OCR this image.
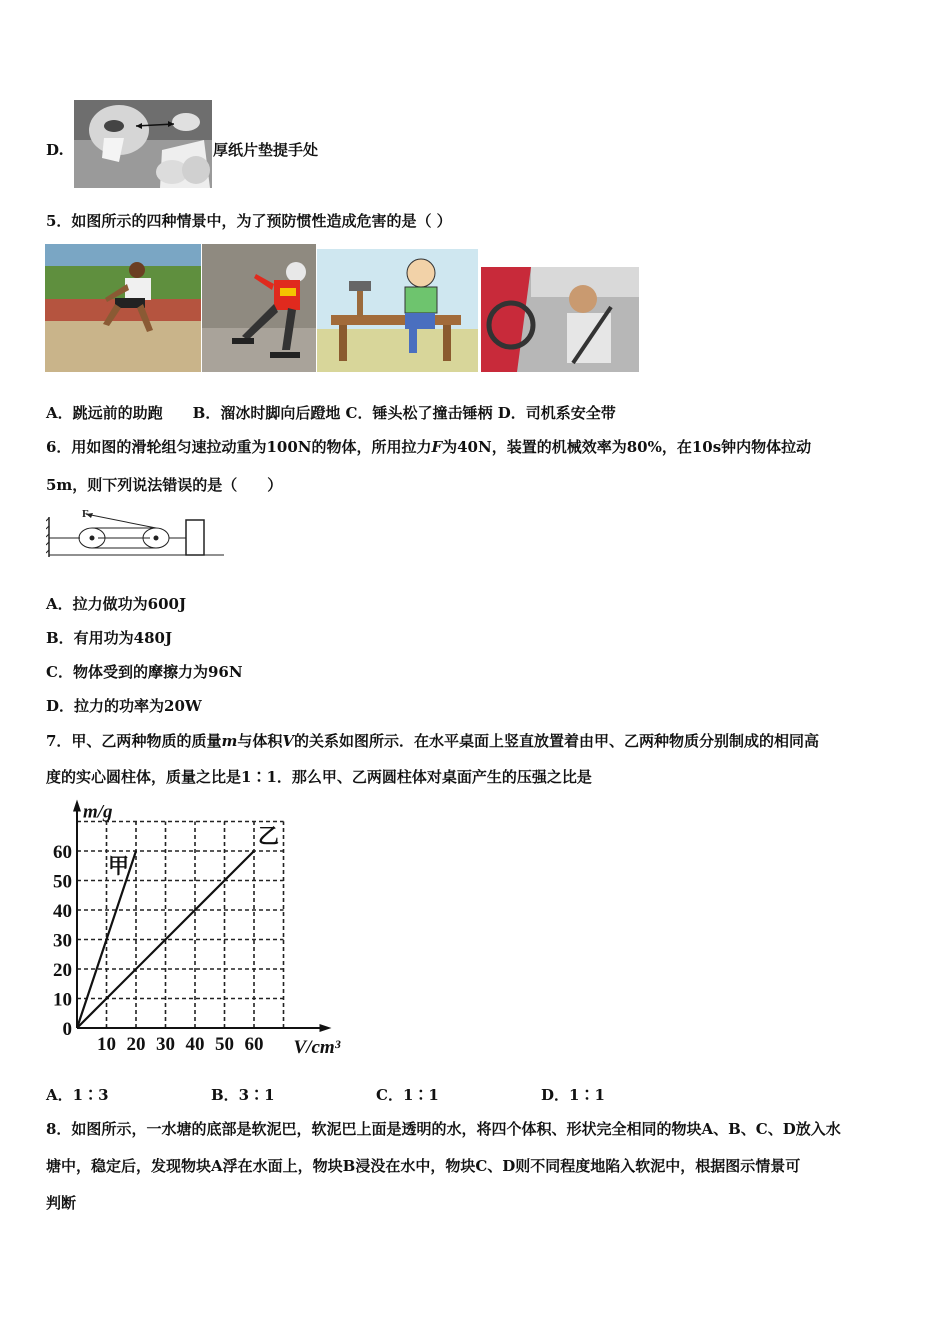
D.	厚纸片垫提手处
5．如图所示的四种情景中，为了预防惯性造成危害的是（ ）
A．跳远前的助跑　　B．溜冰时脚向后蹬地 C．锤头松了撞击锤柄 D．司机系安全带
6．用如图的滑轮组匀速拉动重为100N的物体，所用拉力F为40N，装置的机械效率为80%，在10s钟内物体拉动
5m，则下列说法错误的是（　　）
F
A．拉力做功为600J
B．有用功为480J
C．物体受到的摩擦力为96N
D．拉力的功率为20W
7．甲、乙两种物质的质量m与体积V的关系如图所示．在水平桌面上竖直放置着由甲、乙两种物质分别制成的相同高
度的实心圆柱体，质量之比是1∶1．那么甲、乙两圆柱体对桌面产生的压强之比是
10 20 30 40 50 60
0
10
20
30
40
50
60
m/g
V/cm³
甲
乙
A．1∶3	B．3∶1	C．1∶1	D．1∶1
8．如图所示，一水塘的底部是软泥巴，软泥巴上面是透明的水，将四个体积、形状完全相同的物块A、B、C、D放入水
塘中，稳定后，发现物块A浮在水面上，物块B浸没在水中，物块C、D则不同程度地陷入软泥中，根据图示情景可
判断
